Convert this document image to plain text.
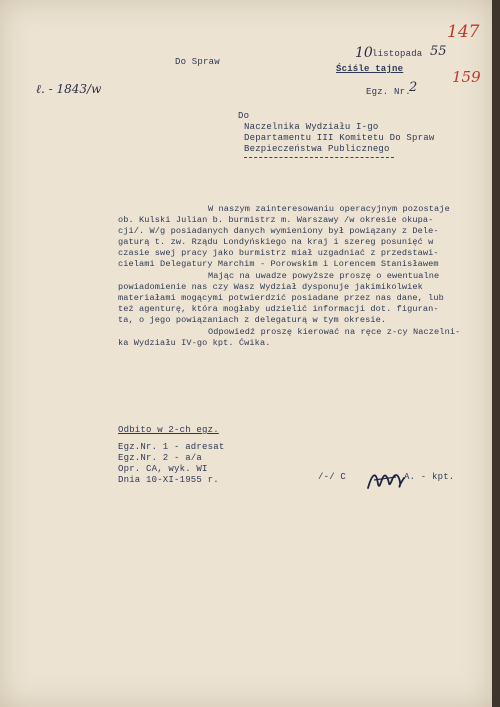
ℓ. - 1843/w
Do Spraw
10 listopada 55
147
159
Ściśle tajne
Egz. Nr.
2
Do
Naczelnika Wydziału I-go
Departamentu III Komitetu Do Spraw
Bezpieczeństwa Publicznego
W naszym zainteresowaniu operacyjnym pozostaje
ob. Kulski Julian b. burmistrz m. Warszawy /w okresie okupa-
cji/. W/g posiadanych danych wymieniony był powiązany z Dele-
gaturą t. zw. Rządu Londyńskiego na kraj i szereg posunięć w
czasie swej pracy jako burmistrz miał uzgadniać z przedstawi-
cielami Delegatury Marchim - Porowskim i Lorencem Stanisławem
Mając na uwadze powyższe proszę o ewentualne
powiadomienie nas czy Wasz Wydział dysponuje jakimikolwiek
materiałami mogącymi potwierdzić posiadane przez nas dane, lub
też agenturę, która mogłaby udzielić informacji dot. figuran-
ta, o jego powiązaniach z delegaturą w tym okresie.
Odpowiedź proszę kierować na ręce z-cy Naczelni-
ka Wydziału IV-go kpt. Ćwika.
Odbito w 2-ch egz.
Egz.Nr. 1 - adresat
Egz.Nr. 2 - a/a
Opr. CA, wyk. WI
Dnia 10-XI-1955 r.	/-/ C	A. - kpt.
